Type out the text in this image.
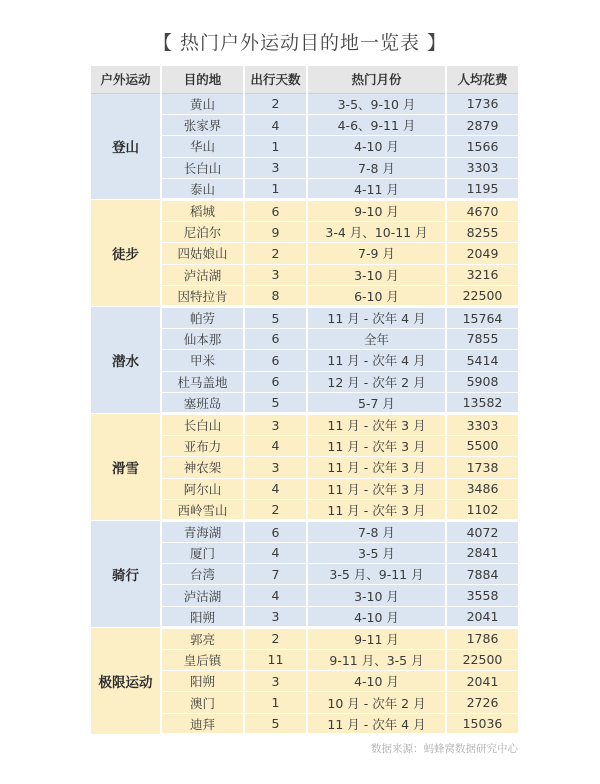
【 热门户外运动目的地一览表 】
户外运动	目的地	出行天数	热门月份	人均花费
登山	黄山	2	3-5、9-10 月	1736
	张家界	4	4-6、9-11 月	2879
	华山	1	4-10 月	1566
	长白山	3	7-8 月	3303
	泰山	1	4-11 月	1195
徒步	稻城	6	9-10 月	4670
	尼泊尔	9	3-4 月、10-11 月	8255
	四姑娘山	2	7-9 月	2049
	泸沽湖	3	3-10 月	3216
	因特拉肯	8	6-10 月	22500
潜水	帕劳	5	11 月 - 次年 4 月	15764
	仙本那	6	全年	7855
	甲米	6	11 月 - 次年 4 月	5414
	杜马盖地	6	12 月 - 次年 2 月	5908
	塞班岛	5	5-7 月	13582
滑雪	长白山	3	11 月 - 次年 3 月	3303
	亚布力	4	11 月 - 次年 3 月	5500
	神农架	3	11 月 - 次年 3 月	1738
	阿尔山	4	11 月 - 次年 3 月	3486
	西岭雪山	2	11 月 - 次年 3 月	1102
骑行	青海湖	6	7-8 月	4072
	厦门	4	3-5 月	2841
	台湾	7	3-5 月、9-11 月	7884
	泸沽湖	4	3-10 月	3558
	阳朔	3	4-10 月	2041
极限运动	郭亮	2	9-11 月	1786
	皇后镇	11	9-11 月、3-5 月	22500
	阳朔	3	4-10 月	2041
	澳门	1	10 月 - 次年 2 月	2726
	迪拜	5	11 月 - 次年 4 月	15036
数据来源：蚂蜂窝数据研究中心
